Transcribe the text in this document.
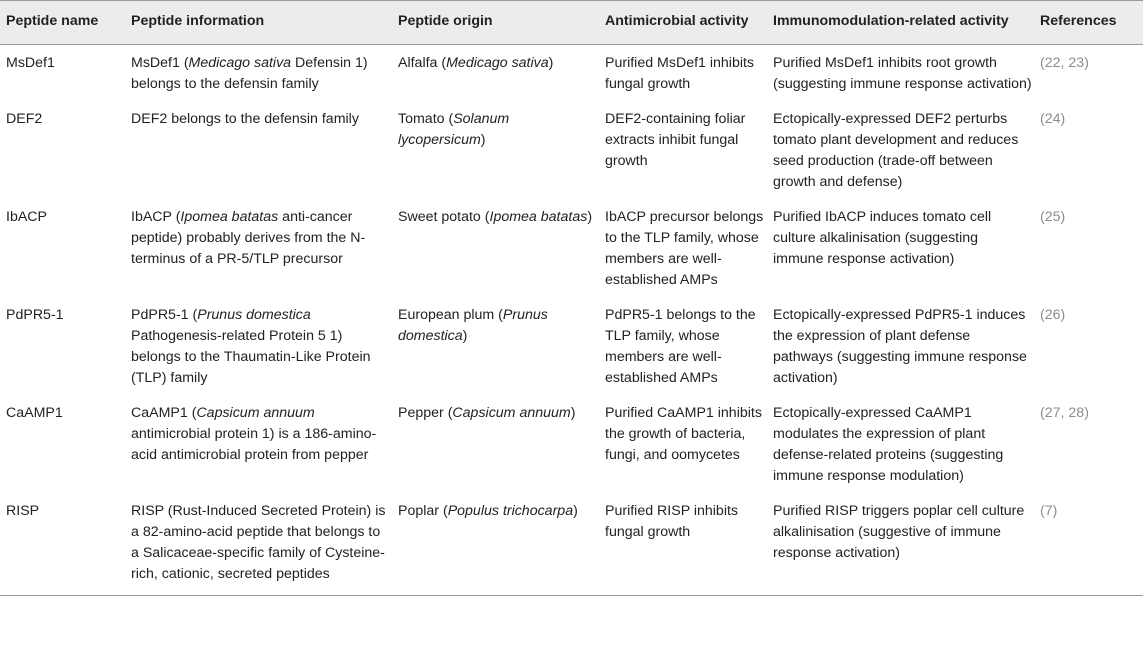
Peptide name	Peptide information	Peptide origin	Antimicrobial activity	Immunomodulation-related activity	References
MsDef1	MsDef1 (Medicago sativa Defensin 1) belongs to the defensin family	Alfalfa (Medicago sativa)	Purified MsDef1 inhibits fungal growth	Purified MsDef1 inhibits root growth (suggesting immune response activation)	(22, 23)
DEF2	DEF2 belongs to the defensin family	Tomato (Solanum lycopersicum)	DEF2-containing foliar extracts inhibit fungal growth	Ectopically-expressed DEF2 perturbs tomato plant development and reduces seed production (trade-off between growth and defense)	(24)
IbACP	IbACP (Ipomea batatas anti-cancer peptide) probably derives from the N-terminus of a PR-5/TLP precursor	Sweet potato (Ipomea batatas)	IbACP precursor belongs to the TLP family, whose members are well-established AMPs	Purified IbACP induces tomato cell culture alkalinisation (suggesting immune response activation)	(25)
PdPR5-1	PdPR5-1 (Prunus domestica Pathogenesis-related Protein 5 1) belongs to the Thaumatin-Like Protein (TLP) family	European plum (Prunus domestica)	PdPR5-1 belongs to the TLP family, whose members are well-established AMPs	Ectopically-expressed PdPR5-1 induces the expression of plant defense pathways (suggesting immune response activation)	(26)
CaAMP1	CaAMP1 (Capsicum annuum antimicrobial protein 1) is a 186-amino-acid antimicrobial protein from pepper	Pepper (Capsicum annuum)	Purified CaAMP1 inhibits the growth of bacteria, fungi, and oomycetes	Ectopically-expressed CaAMP1 modulates the expression of plant defense-related proteins (suggesting immune response modulation)	(27, 28)
RISP	RISP (Rust-Induced Secreted Protein) is a 82-amino-acid peptide that belongs to a Salicaceae-specific family of Cysteine-rich, cationic, secreted peptides	Poplar (Populus trichocarpa)	Purified RISP inhibits fungal growth	Purified RISP triggers poplar cell culture alkalinisation (suggestive of immune response activation)	(7)
